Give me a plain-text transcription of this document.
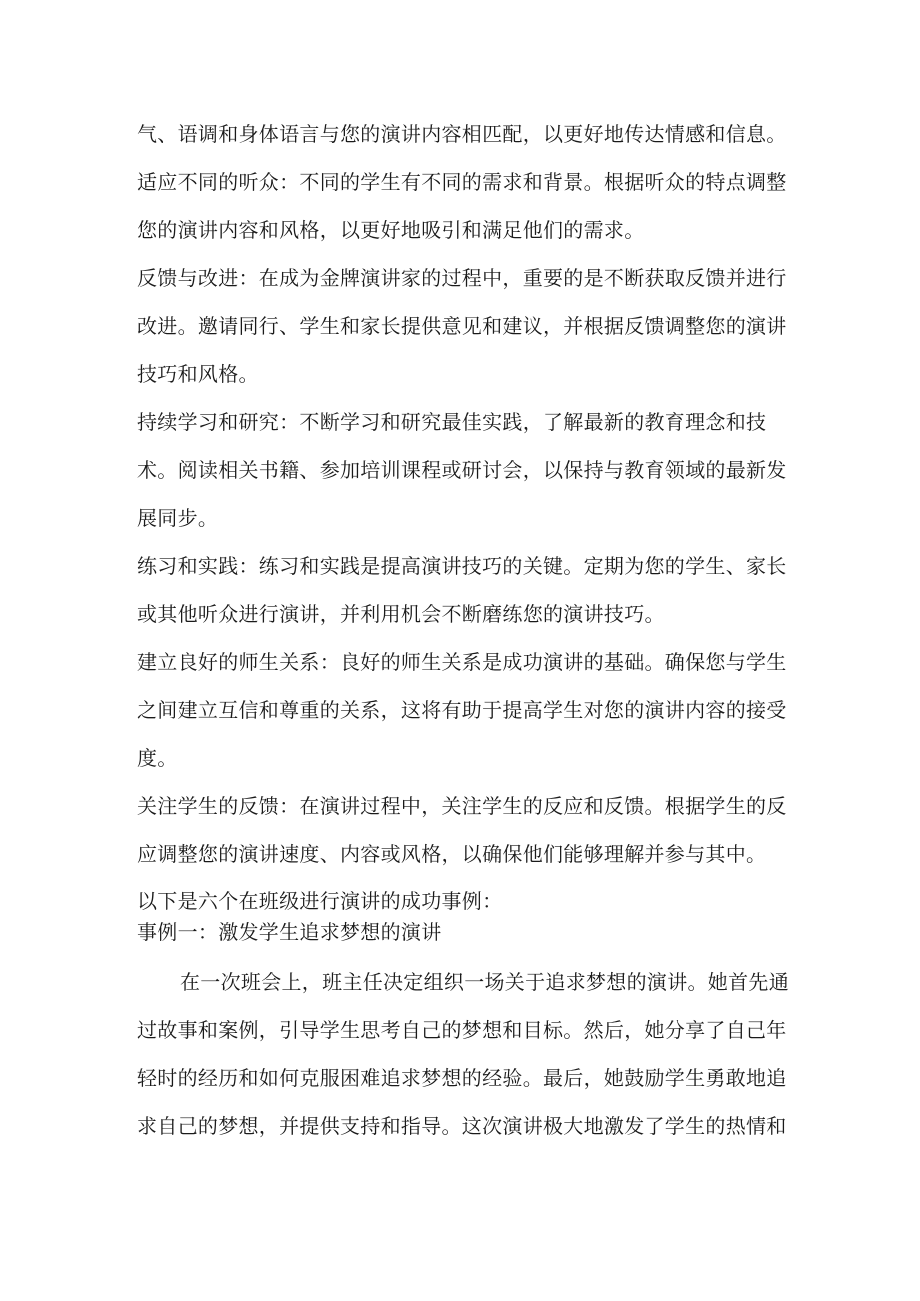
气、语调和身体语言与您的演讲内容相匹配，以更好地传达情感和信息。

适应不同的听众：不同的学生有不同的需求和背景。根据听众的特点调整您的演讲内容和风格，以更好地吸引和满足他们的需求。

反馈与改进：在成为金牌演讲家的过程中，重要的是不断获取反馈并进行改进。邀请同行、学生和家长提供意见和建议，并根据反馈调整您的演讲技巧和风格。

持续学习和研究：不断学习和研究最佳实践，了解最新的教育理念和技术。阅读相关书籍、参加培训课程或研讨会，以保持与教育领域的最新发展同步。

练习和实践：练习和实践是提高演讲技巧的关键。定期为您的学生、家长或其他听众进行演讲，并利用机会不断磨练您的演讲技巧。

建立良好的师生关系：良好的师生关系是成功演讲的基础。确保您与学生之间建立互信和尊重的关系，这将有助于提高学生对您的演讲内容的接受度。

关注学生的反馈：在演讲过程中，关注学生的反应和反馈。根据学生的反应调整您的演讲速度、内容或风格，以确保他们能够理解并参与其中。

以下是六个在班级进行演讲的成功事例：

事例一：激发学生追求梦想的演讲

在一次班会上，班主任决定组织一场关于追求梦想的演讲。她首先通过故事和案例，引导学生思考自己的梦想和目标。然后，她分享了自己年轻时的经历和如何克服困难追求梦想的经验。最后，她鼓励学生勇敢地追求自己的梦想，并提供支持和指导。这次演讲极大地激发了学生的热情和
